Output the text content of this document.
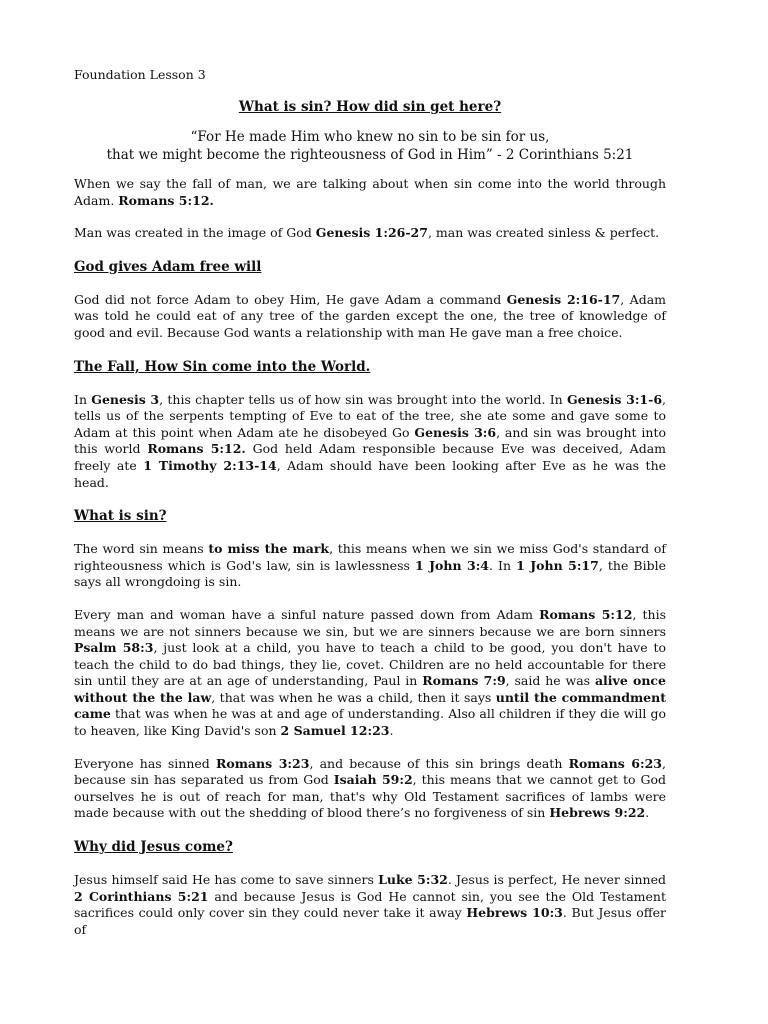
Foundation Lesson 3
What is sin? How did sin get here?
“For He made Him who knew no sin to be sin for us,
that we might become the righteousness of God in Him” - 2 Corinthians 5:21
When we say the fall of man, we are talking about when sin come into the world through Adam. Romans 5:12.
Man was created in the image of God Genesis 1:26-27, man was created sinless & perfect.
God gives Adam free will
God did not force Adam to obey Him, He gave Adam a command Genesis 2:16-17, Adam was told he could eat of any tree of the garden except the one, the tree of knowledge of good and evil. Because God wants a relationship with man He gave man a free choice.
The Fall, How Sin come into the World.
In Genesis 3, this chapter tells us of how sin was brought into the world. In Genesis 3:1-6, tells us of the serpents tempting of Eve to eat of the tree, she ate some and gave some to Adam at this point when Adam ate he disobeyed Go Genesis 3:6, and sin was brought into this world Romans 5:12. God held Adam responsible because Eve was deceived, Adam freely ate 1 Timothy 2:13-14, Adam should have been looking after Eve as he was the head.
What is sin?
The word sin means to miss the mark, this means when we sin we miss God's standard of righteousness which is God's law, sin is lawlessness 1 John 3:4. In 1 John 5:17, the Bible says all wrongdoing is sin.
Every man and woman have a sinful nature passed down from Adam Romans 5:12, this means we are not sinners because we sin, but we are sinners because we are born sinners Psalm 58:3, just look at a child, you have to teach a child to be good, you don't have to teach the child to do bad things, they lie, covet. Children are no held accountable for there sin until they are at an age of understanding, Paul in Romans 7:9, said he was alive once without the the law, that was when he was a child, then it says until the commandment came that was when he was at and age of understanding. Also all children if they die will go to heaven, like King David's son 2 Samuel 12:23.
Everyone has sinned Romans 3:23, and because of this sin brings death Romans 6:23, because sin has separated us from God Isaiah 59:2, this means that we cannot get to God ourselves he is out of reach for man, that's why Old Testament sacrifices of lambs were made because with out the shedding of blood there’s no forgiveness of sin Hebrews 9:22.
Why did Jesus come?
Jesus himself said He has come to save sinners Luke 5:32. Jesus is perfect, He never sinned 2 Corinthians 5:21 and because Jesus is God He cannot sin, you see the Old Testament sacrifices could only cover sin they could never take it away Hebrews 10:3. But Jesus offer of
